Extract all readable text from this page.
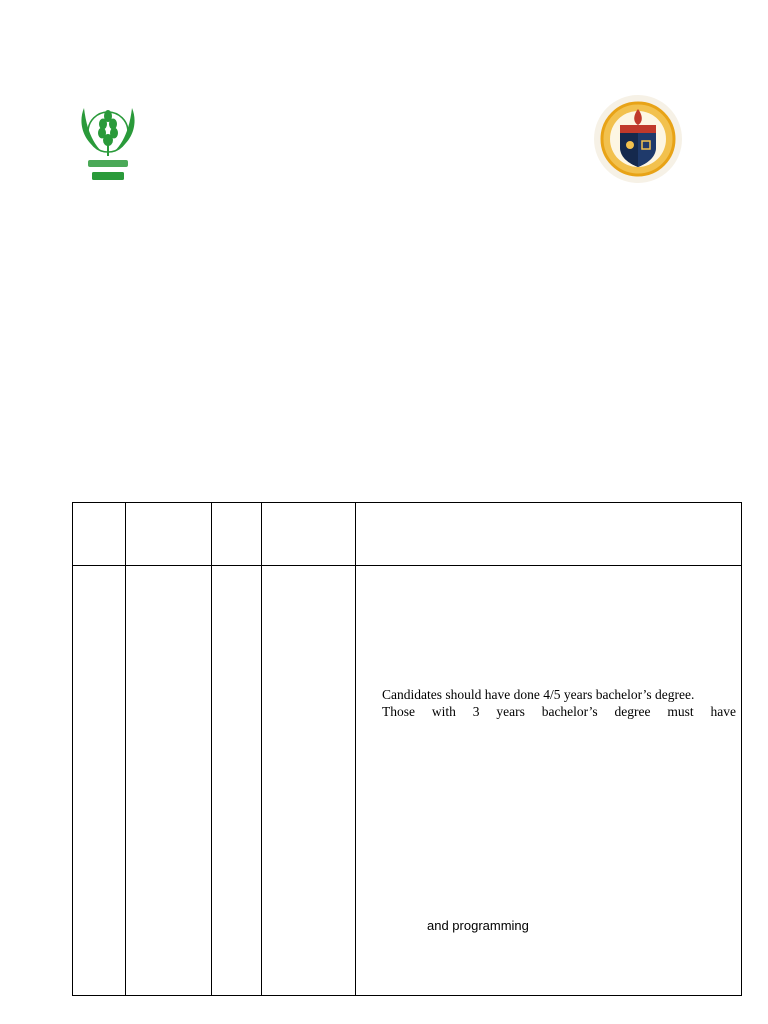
Candidates should have done 4/5 years bachelor’s degree.
Those with 3 years bachelor’s degree must have
and programming
